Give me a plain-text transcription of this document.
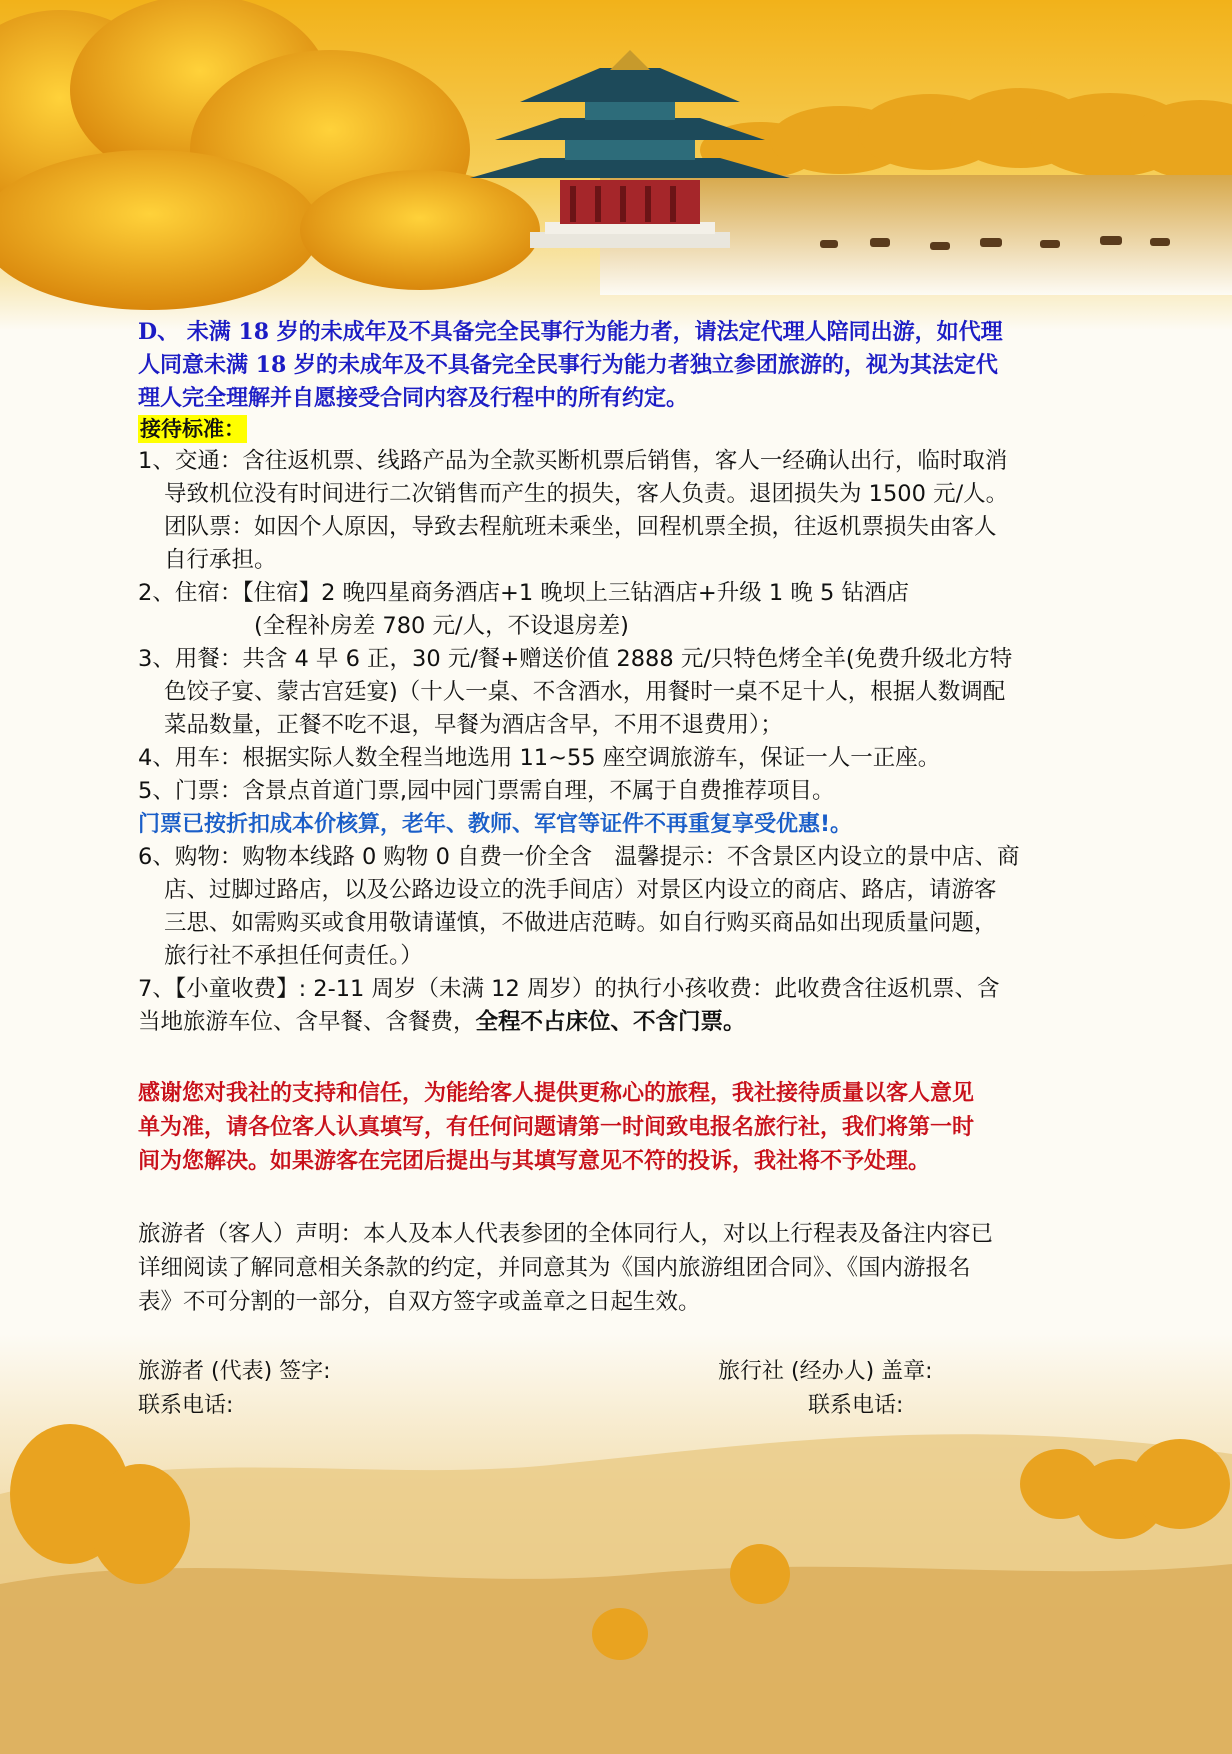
D、 未满 18 岁的未成年及不具备完全民事行为能力者，请法定代理人陪同出游，如代理

人同意未满 18 岁的未成年及不具备完全民事行为能力者独立参团旅游的，视为其法定代

理人完全理解并自愿接受合同内容及行程中的所有约定。

接待标准：

1、交通：含往返机票、线路产品为全款买断机票后销售，客人一经确认出行，临时取消
导致机位没有时间进行二次销售而产生的损失，客人负责。退团损失为 1500 元/人。
团队票：如因个人原因，导致去程航班未乘坐，回程机票全损，往返机票损失由客人
自行承担。

2、住宿：【住宿】2 晚四星商务酒店+1 晚坝上三钻酒店+升级 1 晚 5 钻酒店
(全程补房差 780 元/人，不设退房差)

3、用餐：共含 4 早 6 正，30 元/餐+赠送价值 2888 元/只特色烤全羊(免费升级北方特
色饺子宴、蒙古宫廷宴)（十人一桌、不含酒水，用餐时一桌不足十人，根据人数调配
菜品数量，正餐不吃不退，早餐为酒店含早，不用不退费用）；

4、用车：根据实际人数全程当地选用 11~55 座空调旅游车，保证一人一正座。

5、门票：含景点首道门票,园中园门票需自理，不属于自费推荐项目。

门票已按折扣成本价核算，老年、教师、军官等证件不再重复享受优惠!。

6、购物：购物本线路 0 购物 0 自费一价全含　温馨提示：不含景区内设立的景中店、商
店、过脚过路店，以及公路边设立的洗手间店）对景区内设立的商店、路店，请游客
三思、如需购买或食用敬请谨慎，不做进店范畴。如自行购买商品如出现质量问题，
旅行社不承担任何责任。）

7、【小童收费】: 2-11 周岁（未满 12 周岁）的执行小孩收费：此收费含往返机票、含
当地旅游车位、含早餐、含餐费，全程不占床位、不含门票。

感谢您对我社的支持和信任，为能给客人提供更称心的旅程，我社接待质量以客人意见
单为准，请各位客人认真填写，有任何问题请第一时间致电报名旅行社，我们将第一时
间为您解决。如果游客在完团后提出与其填写意见不符的投诉，我社将不予处理。
旅游者（客人）声明：本人及本人代表参团的全体同行人，对以上行程表及备注内容已
详细阅读了解同意相关条款的约定，并同意其为《国内旅游组团合同》、《国内游报名
表》不可分割的一部分，自双方签字或盖章之日起生效。
旅游者 (代表) 签字:	旅行社 (经办人) 盖章:
联系电话:	联系电话:
